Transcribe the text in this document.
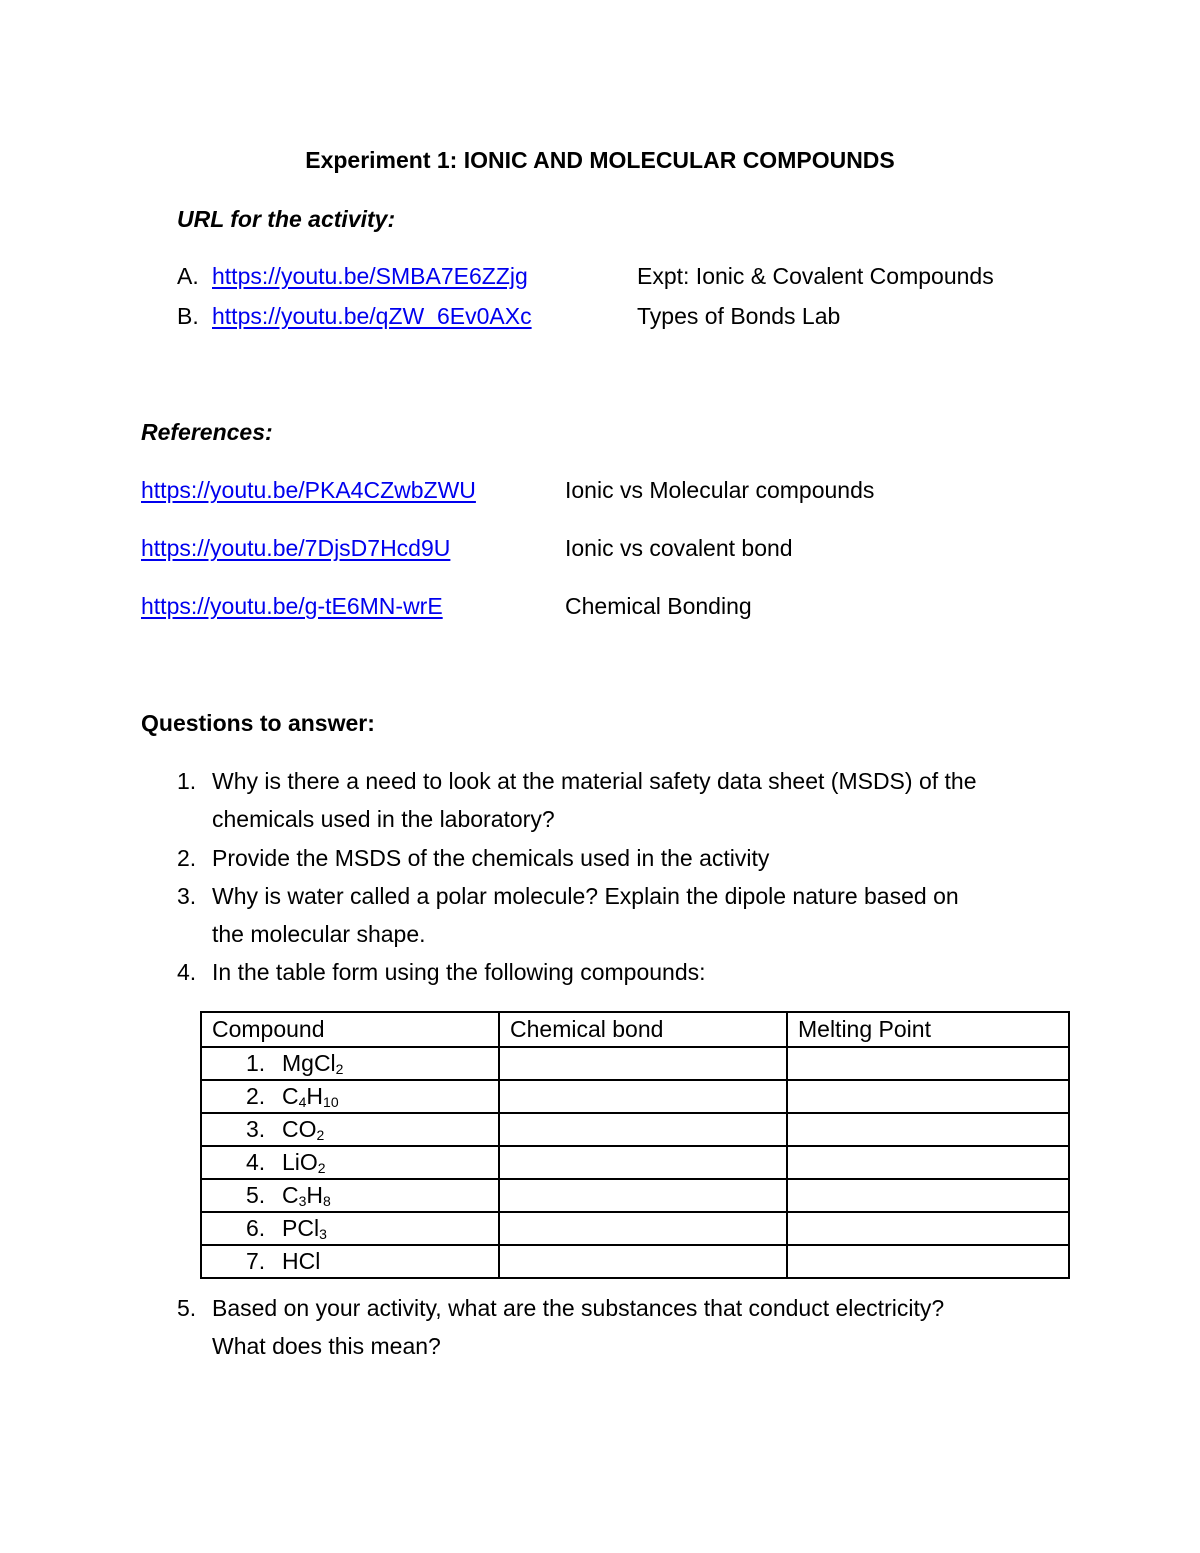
Experiment 1: IONIC AND MOLECULAR COMPOUNDS
URL for the activity:
A. https://youtu.be/SMBA7E6ZZjg	Expt: Ionic & Covalent Compounds
B. https://youtu.be/qZW_6Ev0AXc	Types of Bonds Lab
References:
https://youtu.be/PKA4CZwbZWU	Ionic vs Molecular compounds
https://youtu.be/7DjsD7Hcd9U	Ionic vs covalent bond
https://youtu.be/g-tE6MN-wrE	Chemical Bonding
Questions to answer:
1. Why is there a need to look at the material safety data sheet (MSDS) of the
chemicals used in the laboratory?
2. Provide the MSDS of the chemicals used in the activity
3. Why is water called a polar molecule? Explain the dipole nature based on
the molecular shape.
4. In the table form using the following compounds:
Compound	Chemical bond	Melting Point
1. MgCl$_2$		
2. $C_4H_{10}$		
3. $CO_2$		
4. LiO$_2$		
5. $C_3H_8$		
6. PCl$_3$		
7. HCl		
5. Based on your activity, what are the substances that conduct electricity?
What does this mean?
